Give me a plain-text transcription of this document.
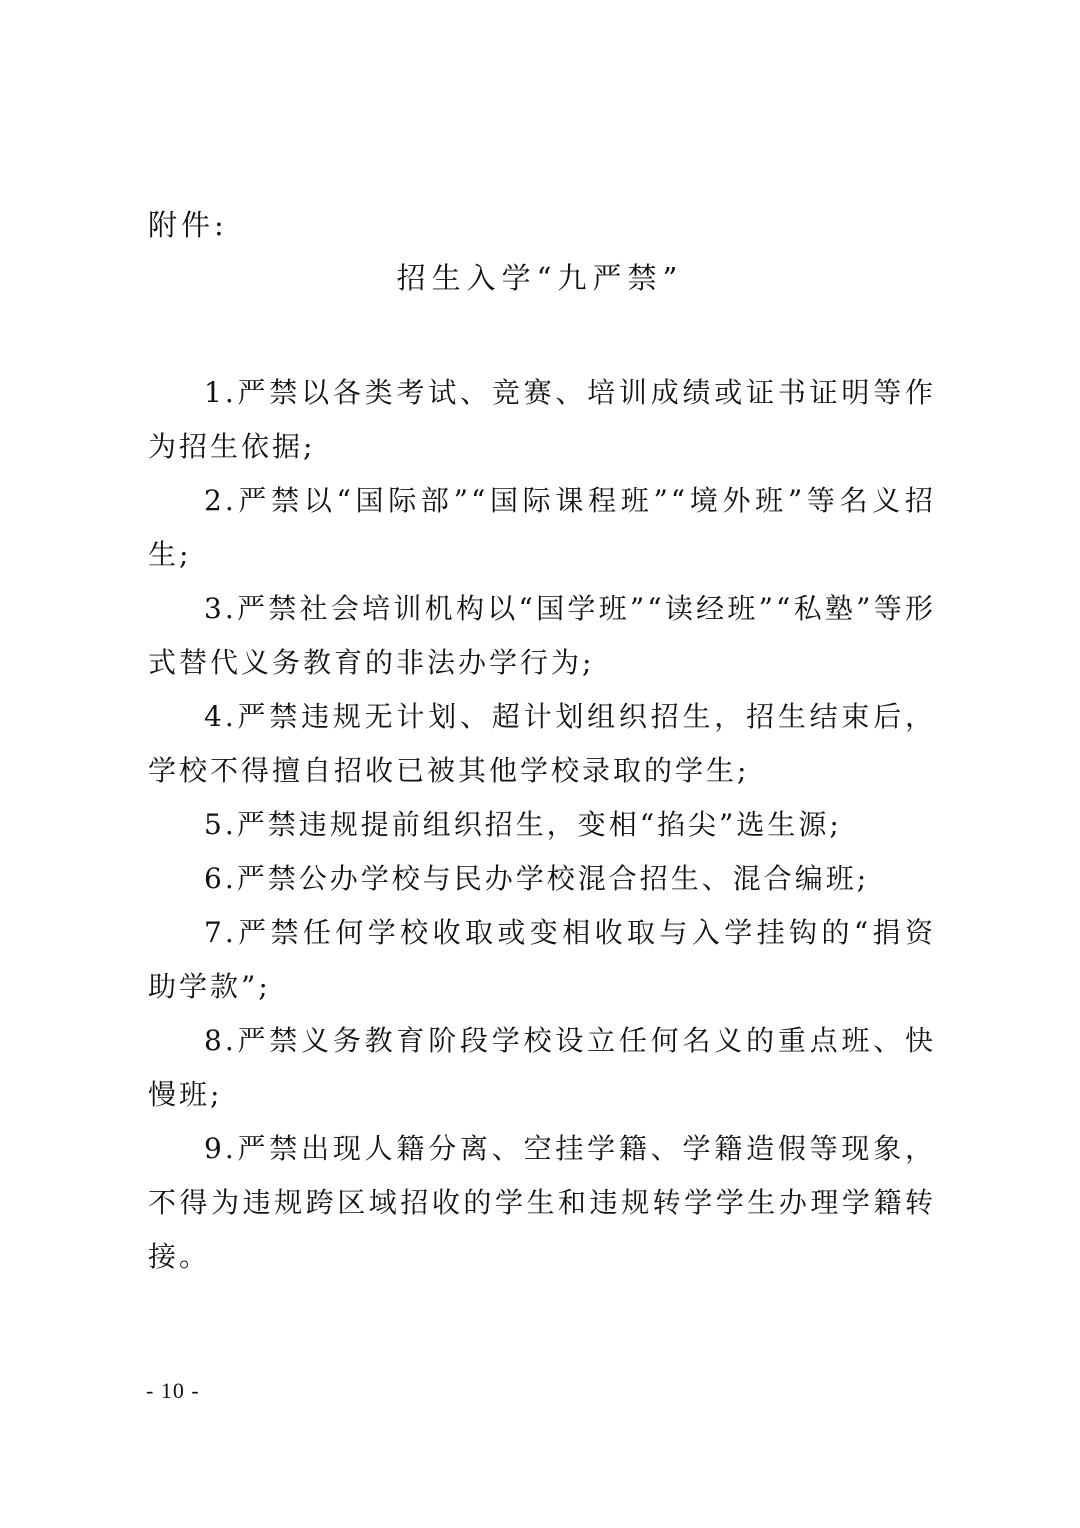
附件:
招生入学“九严禁”

1.严禁以各类考试、竞赛、培训成绩或证书证明等作为招生依据;

2.严禁以“国际部”“国际课程班”“境外班”等名义招生;

3.严禁社会培训机构以“国学班”“读经班”“私塾”等形式替代义务教育的非法办学行为;

4.严禁违规无计划、超计划组织招生，招生结束后，学校不得擅自招收已被其他学校录取的学生;

5.严禁违规提前组织招生，变相“掐尖”选生源;

6.严禁公办学校与民办学校混合招生、混合编班;

7.严禁任何学校收取或变相收取与入学挂钩的“捐资助学款”;

8.严禁义务教育阶段学校设立任何名义的重点班、快慢班;

9.严禁出现人籍分离、空挂学籍、学籍造假等现象，不得为违规跨区域招收的学生和违规转学学生办理学籍转接。

- 10 -
